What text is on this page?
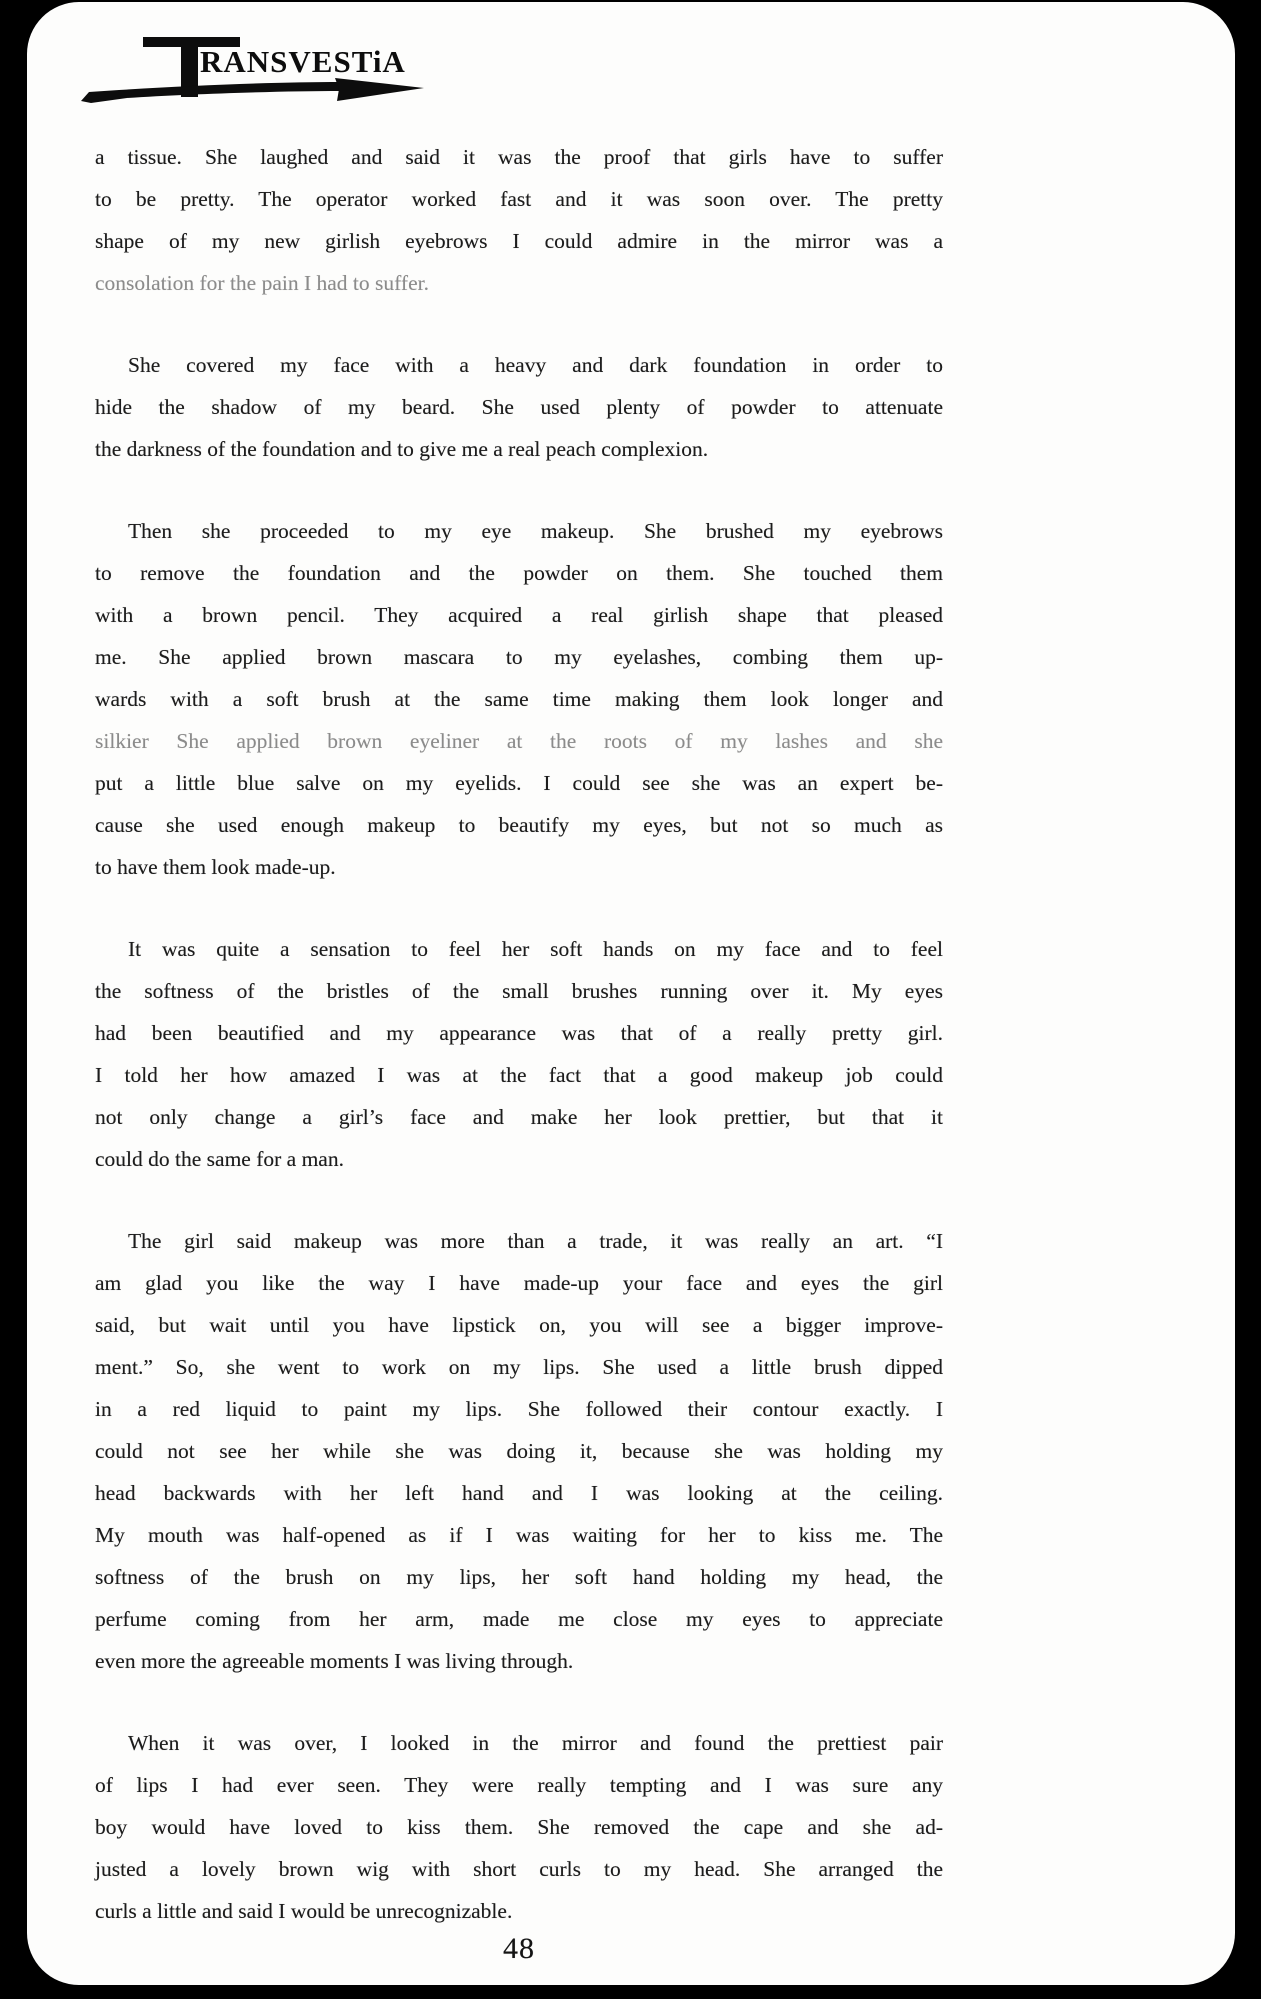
RANSVESTiA
a tissue. She laughed and said it was the proof that girls have to suffer
to be pretty. The operator worked fast and it was soon over. The pretty
shape of my new girlish eyebrows I could admire in the mirror was a
consolation for the pain I had to suffer.
She covered my face with a heavy and dark foundation in order to
hide the shadow of my beard. She used plenty of powder to attenuate
the darkness of the foundation and to give me a real peach complexion.
Then she proceeded to my eye makeup. She brushed my eyebrows
to remove the foundation and the powder on them. She touched them
with a brown pencil. They acquired a real girlish shape that pleased
me. She applied brown mascara to my eyelashes, combing them up-
wards with a soft brush at the same time making them look longer and
silkier She applied brown eyeliner at the roots of my lashes and she
put a little blue salve on my eyelids. I could see she was an expert be-
cause she used enough makeup to beautify my eyes, but not so much as
to have them look made-up.
It was quite a sensation to feel her soft hands on my face and to feel
the softness of the bristles of the small brushes running over it. My eyes
had been beautified and my appearance was that of a really pretty girl.
I told her how amazed I was at the fact that a good makeup job could
not only change a girl’s face and make her look prettier, but that it
could do the same for a man.
The girl said makeup was more than a trade, it was really an art. “I
am glad you like the way I have made-up your face and eyes the girl
said, but wait until you have lipstick on, you will see a bigger improve-
ment.” So, she went to work on my lips. She used a little brush dipped
in a red liquid to paint my lips. She followed their contour exactly. I
could not see her while she was doing it, because she was holding my
head backwards with her left hand and I was looking at the ceiling.
My mouth was half-opened as if I was waiting for her to kiss me. The
softness of the brush on my lips, her soft hand holding my head, the
perfume coming from her arm, made me close my eyes to appreciate
even more the agreeable moments I was living through.
When it was over, I looked in the mirror and found the prettiest pair
of lips I had ever seen. They were really tempting and I was sure any
boy would have loved to kiss them. She removed the cape and she ad-
justed a lovely brown wig with short curls to my head. She arranged the
curls a little and said I would be unrecognizable.
48
